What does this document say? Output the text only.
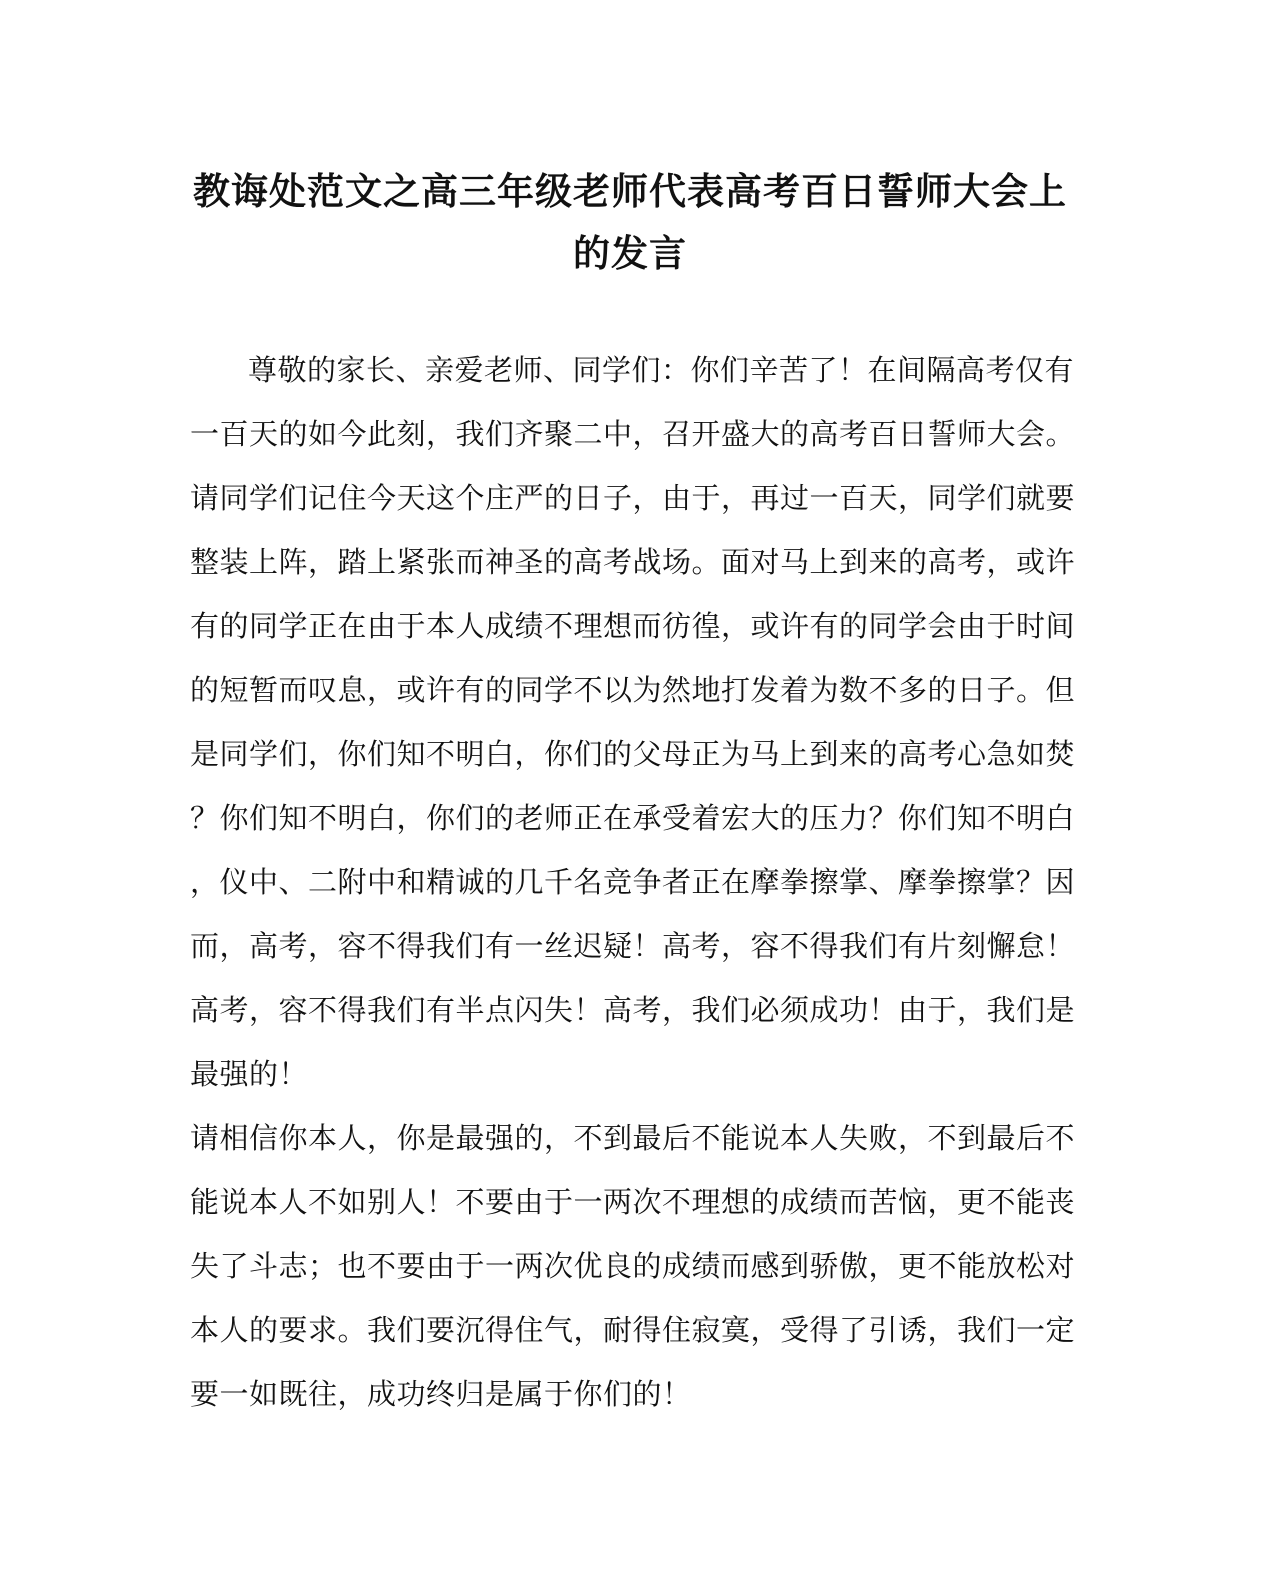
教诲处范文之高三年级老师代表高考百日誓师大会上
的发言
尊敬的家长、亲爱老师、同学们：你们辛苦了！在间隔高考仅有
一百天的如今此刻，我们齐聚二中，召开盛大的高考百日誓师大会。
请同学们记住今天这个庄严的日子，由于，再过一百天，同学们就要
整装上阵，踏上紧张而神圣的高考战场。面对马上到来的高考，或许
有的同学正在由于本人成绩不理想而彷徨，或许有的同学会由于时间
的短暂而叹息，或许有的同学不以为然地打发着为数不多的日子。但
是同学们，你们知不明白，你们的父母正为马上到来的高考心急如焚
？你们知不明白，你们的老师正在承受着宏大的压力？你们知不明白
，仪中、二附中和精诚的几千名竞争者正在摩拳擦掌、摩拳擦掌？因
而，高考，容不得我们有一丝迟疑！高考，容不得我们有片刻懈怠！
高考，容不得我们有半点闪失！高考，我们必须成功！由于，我们是
最强的！
请相信你本人，你是最强的，不到最后不能说本人失败，不到最后不
能说本人不如别人！不要由于一两次不理想的成绩而苦恼，更不能丧
失了斗志；也不要由于一两次优良的成绩而感到骄傲，更不能放松对
本人的要求。我们要沉得住气，耐得住寂寞，受得了引诱，我们一定
要一如既往，成功终归是属于你们的！
